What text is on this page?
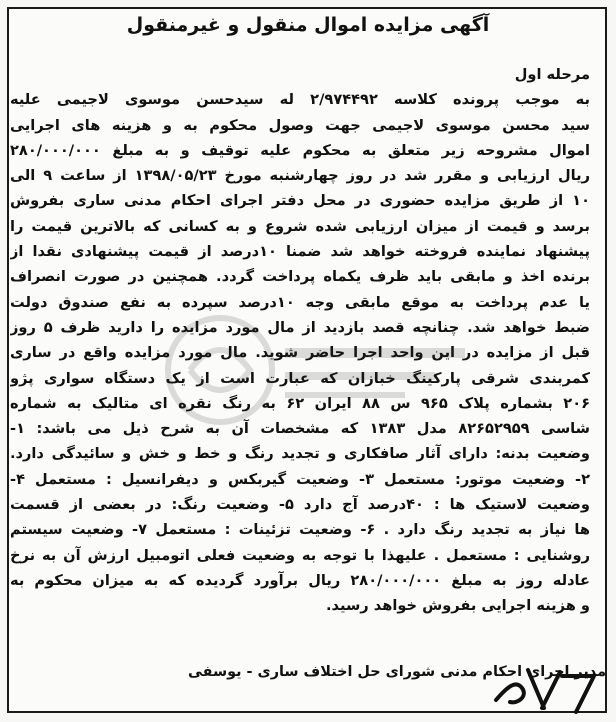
آگهی مزایده اموال منقول و غیرمنقول
مرحله اول
به موجب پرونده کلاسه ۲/۹۷۴۴۹۲ له سیدحسن موسوی لاجیمی علیه
سید محسن موسوی لاجیمی جهت وصول محکوم به و هزینه های اجرایی
اموال مشروحه زیر متعلق به محکوم علیه توقیف و به مبلغ ۲۸۰/۰۰۰/۰۰۰
ریال ارزیابی و مقرر شد در روز چهارشنبه مورخ ۱۳۹۸/۰۵/۲۳ از ساعت ۹ الی
۱۰ از طریق مزایده حضوری در محل دفتر اجرای احکام مدنی ساری بفروش
برسد و قیمت از میزان ارزیابی شده شروع و به کسانی که بالاترین قیمت را
پیشنهاد نماینده فروخته خواهد شد ضمنا ۱۰درصد از قیمت پیشنهادی نقدا از
برنده اخذ و مابقی باید ظرف یکماه پرداخت گردد. همچنین در صورت انصراف
یا عدم پرداخت به موقع مابقی وجه ۱۰درصد سپرده به نفع صندوق دولت
ضبط خواهد شد. چنانچه قصد بازدید از مال مورد مزایده را دارید ظرف ۵ روز
قبل از مزایده در این واحد اجرا حاضر شوید. مال مورد مزایده واقع در ساری
کمربندی شرقی پارکینگ خبازان که عبارت است از یک دستگاه سواری پژو
۲۰۶ بشماره پلاک ۹۶۵ س ۸۸ ایران ۶۲ به رنگ نقره ای متالیک به شماره
شاسی ۸۲۶۵۲۹۵۹ مدل ۱۳۸۳ که مشخصات آن به شرح ذیل می باشد: ۱-
وضعیت بدنه: دارای آثار صافکاری و تجدید رنگ و خط و خش و سائیدگی دارد.
۲- وضعیت موتور: مستعمل ۳- وضعیت گیربکس و دیفرانسیل : مستعمل ۴-
وضعیت لاستیک ها : ۴۰درصد آج دارد ۵- وضعیت رنگ: در بعضی از قسمت
ها نیاز به تجدید رنگ دارد . ۶- وضعیت تزئینات : مستعمل ۷- وضعیت سیستم
روشنایی : مستعمل . علیهذا با توجه به وضعیت فعلی اتومبیل ارزش آن به نرخ
عادله روز به مبلغ ۲۸۰/۰۰۰/۰۰۰ ریال برآورد گردیده که به میزان محکوم به
و هزینه اجرایی بفروش خواهد رسید.
مدیر اجرای احکام مدنی شورای حل اختلاف ساری - یوسفی
